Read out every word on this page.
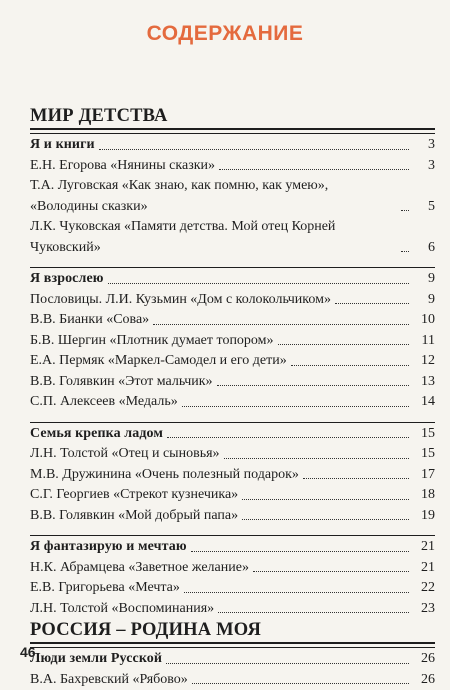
СОДЕРЖАНИЕ
МИР ДЕТСТВА
Я и книги	3
Е.Н. Егорова «Нянины сказки»	3
Т.А. Луговская «Как знаю, как помню, как умею», «Володины сказки»	5
Л.К. Чуковская «Памяти детства. Мой отец Корней Чуковский»	6
Я взрослею	9
Пословицы. Л.И. Кузьмин «Дом с колокольчиком»	9
В.В. Бианки «Сова»	10
Б.В. Шергин «Плотник думает топором»	11
Е.А. Пермяк «Маркел-Самодел и его дети»	12
В.В. Голявкин «Этот мальчик»	13
С.П. Алексеев «Медаль»	14
Семья крепка ладом	15
Л.Н. Толстой «Отец и сыновья»	15
М.В. Дружинина «Очень полезный подарок»	17
С.Г. Георгиев «Стрекот кузнечика»	18
В.В. Голявкин «Мой добрый папа»	19
Я фантазирую и мечтаю	21
Н.К. Абрамцева «Заветное желание»	21
Е.В. Григорьева «Мечта»	22
Л.Н. Толстой «Воспоминания»	23
РОССИЯ – РОДИНА МОЯ
Люди земли Русской	26
В.А. Бахревский «Рябово»	26
46
